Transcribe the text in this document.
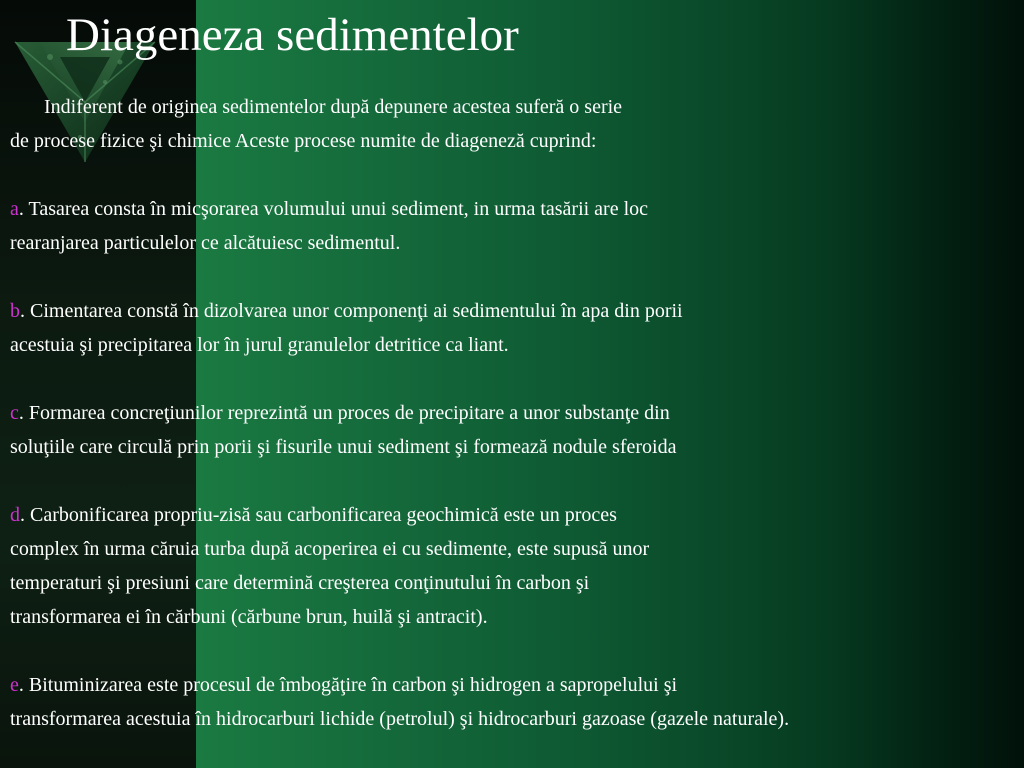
Diageneza sedimentelor
Indiferent de originea sedimentelor după depunere acestea suferă o serie
de procese fizice şi chimice Aceste procese numite de diageneză cuprind:
a. Tasarea consta în micşorarea volumului unui sediment, in urma tasării are loc
rearanjarea particulelor ce alcătuiesc sedimentul.
b. Cimentarea constă în dizolvarea unor componenţi ai sedimentului în apa din porii
acestuia şi precipitarea lor în jurul granulelor detritice ca liant.
c. Formarea concreţiunilor reprezintă un proces de precipitare a unor substanţe din
soluţiile care circulă prin porii şi fisurile unui sediment şi formează nodule sferoida
d. Carbonificarea propriu-zisă sau carbonificarea geochimică este un proces
complex în urma căruia turba după acoperirea ei cu sedimente, este supusă unor
temperaturi şi presiuni care determină creşterea conţinutului în carbon şi
transformarea ei în cărbuni (cărbune brun, huilă şi antracit).
e. Bituminizarea este procesul de îmbogăţire în carbon şi hidrogen a sapropelului şi
transformarea acestuia în hidrocarburi lichide (petrolul) şi hidrocarburi gazoase (gazele naturale).
